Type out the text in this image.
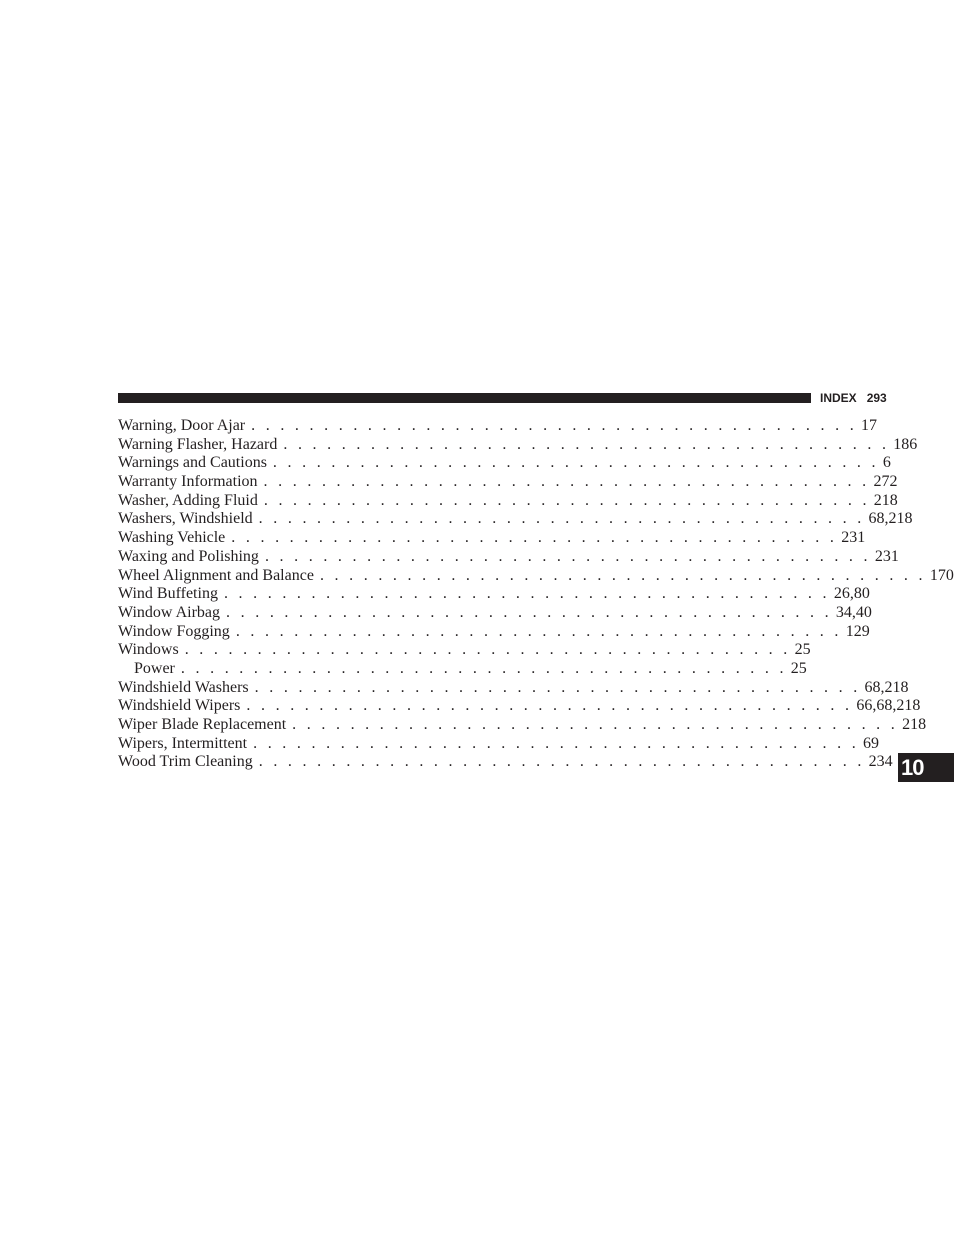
INDEX 293
Warning, Door Ajar . . . . . . . . . . . . . . . . . . . . . . . . . . . . . . . . . . . . . . . . . . 17
Warning Flasher, Hazard . . . . . . . . . . . . . . . . . . . . . . . . . . . . . . . . . . . . . . . . . . 186
Warnings and Cautions . . . . . . . . . . . . . . . . . . . . . . . . . . . . . . . . . . . . . . . . . . 6
Warranty Information . . . . . . . . . . . . . . . . . . . . . . . . . . . . . . . . . . . . . . . . . . 272
Washer, Adding Fluid . . . . . . . . . . . . . . . . . . . . . . . . . . . . . . . . . . . . . . . . . . 218
Washers, Windshield . . . . . . . . . . . . . . . . . . . . . . . . . . . . . . . . . . . . . . . . . . 68,218
Washing Vehicle . . . . . . . . . . . . . . . . . . . . . . . . . . . . . . . . . . . . . . . . . . 231
Waxing and Polishing . . . . . . . . . . . . . . . . . . . . . . . . . . . . . . . . . . . . . . . . . . 231
Wheel Alignment and Balance . . . . . . . . . . . . . . . . . . . . . . . . . . . . . . . . . . . . . . . . . . 170
Wind Buffeting . . . . . . . . . . . . . . . . . . . . . . . . . . . . . . . . . . . . . . . . . . 26,80
Window Airbag . . . . . . . . . . . . . . . . . . . . . . . . . . . . . . . . . . . . . . . . . . 34,40
Window Fogging . . . . . . . . . . . . . . . . . . . . . . . . . . . . . . . . . . . . . . . . . . 129
Windows . . . . . . . . . . . . . . . . . . . . . . . . . . . . . . . . . . . . . . . . . . 25
Power . . . . . . . . . . . . . . . . . . . . . . . . . . . . . . . . . . . . . . . . . . 25
Windshield Washers . . . . . . . . . . . . . . . . . . . . . . . . . . . . . . . . . . . . . . . . . . 68,218
Windshield Wipers . . . . . . . . . . . . . . . . . . . . . . . . . . . . . . . . . . . . . . . . . . 66,68,218
Wiper Blade Replacement . . . . . . . . . . . . . . . . . . . . . . . . . . . . . . . . . . . . . . . . . . 218
Wipers, Intermittent . . . . . . . . . . . . . . . . . . . . . . . . . . . . . . . . . . . . . . . . . . 69
Wood Trim Cleaning . . . . . . . . . . . . . . . . . . . . . . . . . . . . . . . . . . . . . . . . . . 234 10
